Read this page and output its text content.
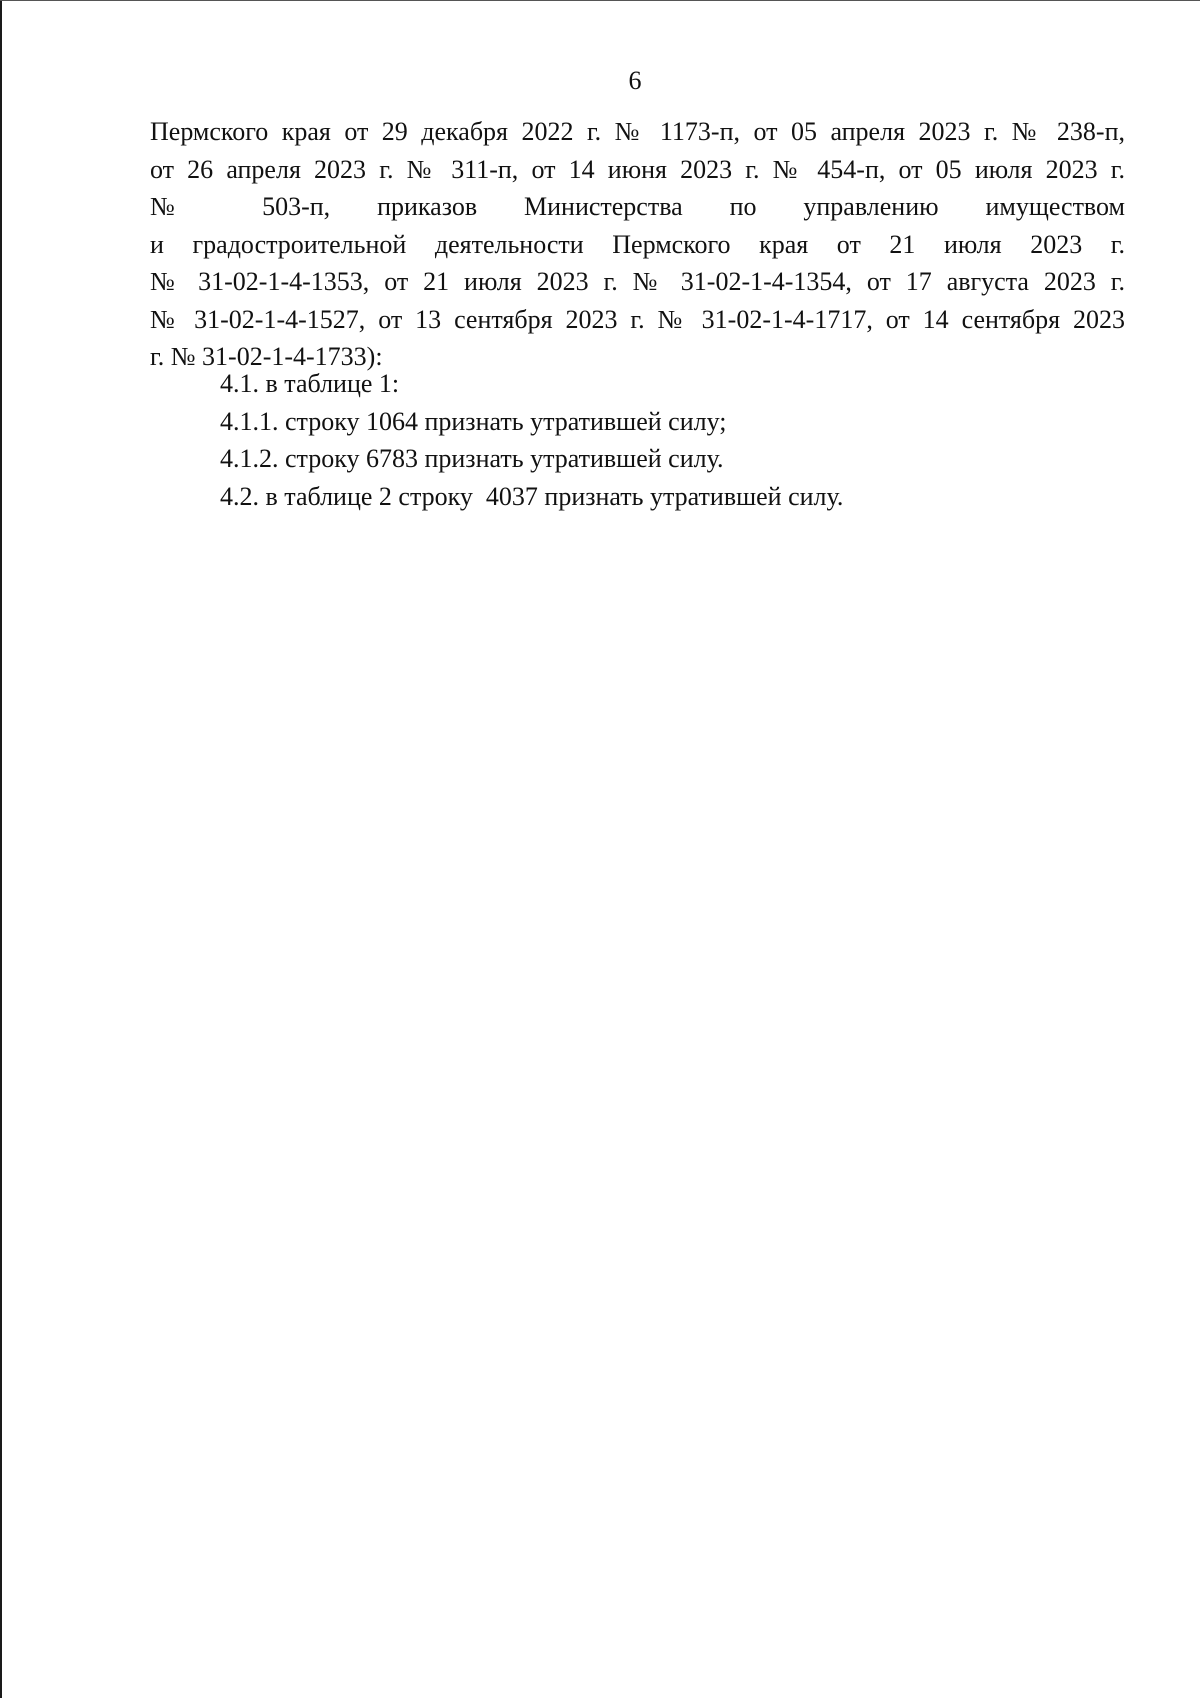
6

Пермского края от 29 декабря 2022 г. № 1173-п, от 05 апреля 2023 г. № 238-п,

от 26 апреля 2023 г. № 311-п, от 14 июня 2023 г. № 454-п, от 05 июля 2023 г.

№ 503-п, приказов Министерства по управлению имуществом

и градостроительной деятельности Пермского края от 21 июля 2023 г.

№ 31-02-1-4-1353, от 21 июля 2023 г. № 31-02-1-4-1354, от 17 августа 2023 г.

№ 31-02-1-4-1527, от 13 сентября 2023 г. № 31-02-1-4-1717, от 14 сентября 2023

г. № 31-02-1-4-1733):

4.1. в таблице 1:

4.1.1. строку 1064 признать утратившей силу;

4.1.2. строку 6783 признать утратившей силу.

4.2. в таблице 2 строку  4037 признать утратившей силу.
